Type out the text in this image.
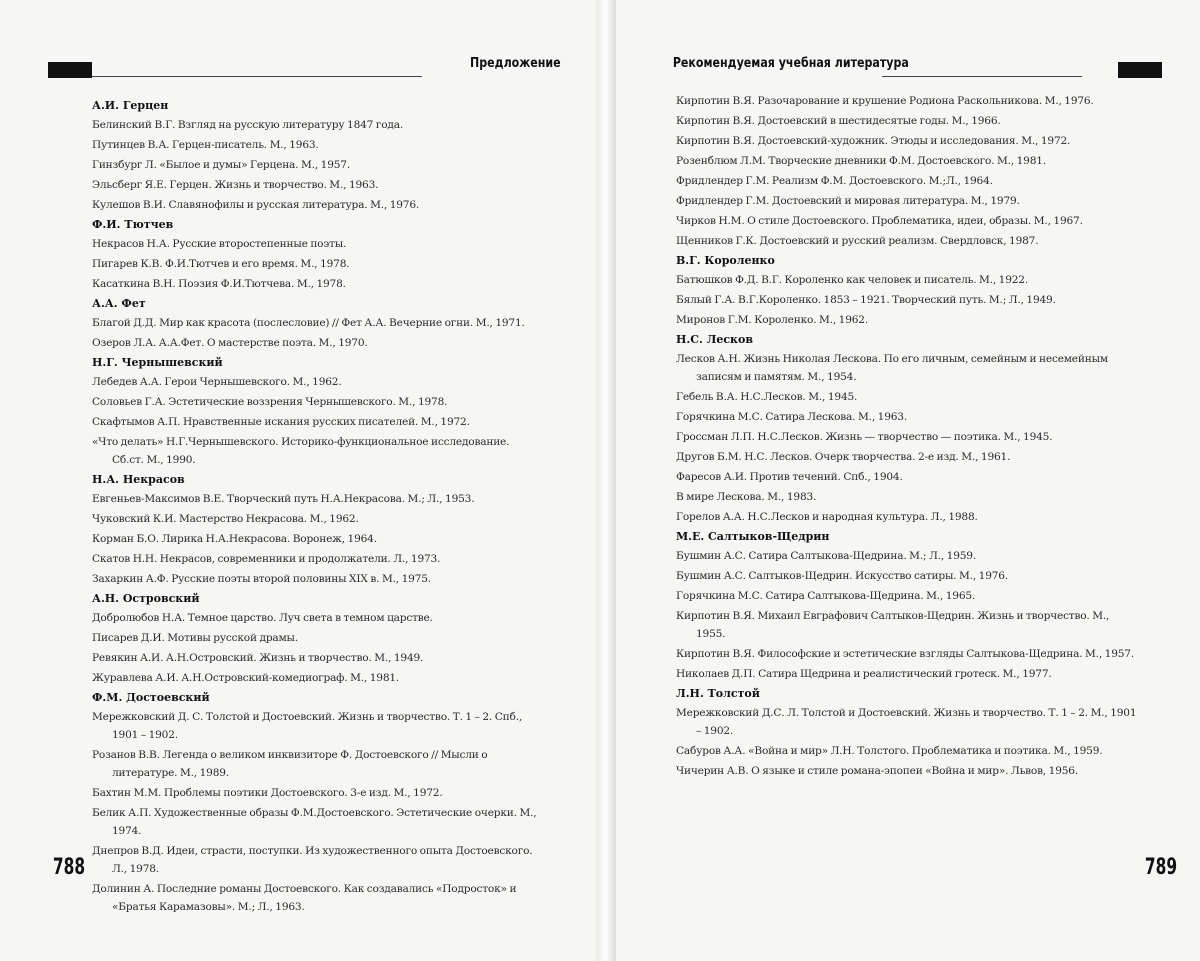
Предложение
А.И. Герцен
Белинский В.Г. Взгляд на русскую литературу 1847 года.
Путинцев В.А. Герцен-писатель. М., 1963.
Гинзбург Л. «Былое и думы» Герцена. М., 1957.
Эльсберг Я.Е. Герцен. Жизнь и творчество. М., 1963.
Кулешов В.И. Славянофилы и русская литература. М., 1976.
Ф.И. Тютчев
Некрасов Н.А. Русские второстепенные поэты.
Пигарев К.В. Ф.И.Тютчев и его время. М., 1978.
Касаткина В.Н. Поэзия Ф.И.Тютчева. М., 1978.
А.А. Фет
Благой Д.Д. Мир как красота (послесловие) // Фет А.А. Вечерние огни. М., 1971.
Озеров Л.А. А.А.Фет. О мастерстве поэта. М., 1970.
Н.Г. Чернышевский
Лебедев А.А. Герои Чернышевского. М., 1962.
Соловьев Г.А. Эстетические воззрения Чернышевского. М., 1978.
Скафтымов А.П. Нравственные искания русских писателей. М., 1972.
«Что делать» Н.Г.Чернышевского. Историко-функциональное исследование. Сб.ст. М., 1990.
Н.А. Некрасов
Евгеньев-Максимов В.Е. Творческий путь Н.А.Некрасова. М.; Л., 1953.
Чуковский К.И. Мастерство Некрасова. М., 1962.
Корман Б.О. Лирика Н.А.Некрасова. Воронеж, 1964.
Скатов Н.Н. Некрасов, современники и продолжатели. Л., 1973.
Захаркин А.Ф. Русские поэты второй половины XIX в. М., 1975.
А.Н. Островский
Добролюбов Н.А. Темное царство. Луч света в темном царстве.
Писарев Д.И. Мотивы русской драмы.
Ревякин А.И. А.Н.Островский. Жизнь и творчество. М., 1949.
Журавлева А.И. А.Н.Островский-комедиограф. М., 1981.
Ф.М. Достоевский
Мережковский Д. С. Толстой и Достоевский. Жизнь и творчество. Т. 1 – 2. Спб., 1901 – 1902.
Розанов В.В. Легенда о великом инквизиторе Ф. Достоевского // Мысли о литературе. М., 1989.
Бахтин М.М. Проблемы поэтики Достоевского. 3-е изд. М., 1972.
Белик А.П. Художественные образы Ф.М.Достоевского. Эстетические очерки. М., 1974.
Днепров В.Д. Идеи, страсти, поступки. Из художественного опыта Достоевского. Л., 1978.
Долинин А. Последние романы Достоевского. Как создавались «Подросток» и «Братья Карамазовы». М.; Л., 1963.
788
Рекомендуемая учебная литература
Кирпотин В.Я. Разочарование и крушение Родиона Раскольникова. М., 1976.
Кирпотин В.Я. Достоевский в шестидесятые годы. М., 1966.
Кирпотин В.Я. Достоевский-художник. Этюды и исследования. М., 1972.
Розенблюм Л.М. Творческие дневники Ф.М. Достоевского. М., 1981.
Фридлендер Г.М. Реализм Ф.М. Достоевского. М.;Л., 1964.
Фридлендер Г.М. Достоевский и мировая литература. М., 1979.
Чирков Н.М. О стиле Достоевского. Проблематика, идеи, образы. М., 1967.
Щенников Г.К. Достоевский и русский реализм. Свердловск, 1987.
В.Г. Короленко
Батюшков Ф.Д. В.Г. Короленко как человек и писатель. М., 1922.
Бялый Г.А. В.Г.Короленко. 1853 – 1921. Творческий путь. М.; Л., 1949.
Миронов Г.М. Короленко. М., 1962.
Н.С. Лесков
Лесков А.Н. Жизнь Николая Лескова. По его личным, семейным и несемейным записям и памятям. М., 1954.
Гебель В.А. Н.С.Лесков. М., 1945.
Горячкина М.С. Сатира Лескова. М., 1963.
Гроссман Л.П. Н.С.Лесков. Жизнь — творчество — поэтика. М., 1945.
Другов Б.М. Н.С. Лесков. Очерк творчества. 2-е изд. М., 1961.
Фаресов А.И. Против течений. Спб., 1904.
В мире Лескова. М., 1983.
Горелов А.А. Н.С.Лесков и народная культура. Л., 1988.
М.Е. Салтыков-Щедрин
Бушмин А.С. Сатира Салтыкова-Щедрина. М.; Л., 1959.
Бушмин А.С. Салтыков-Щедрин. Искусство сатиры. М., 1976.
Горячкина М.С. Сатира Салтыкова-Щедрина. М., 1965.
Кирпотин В.Я. Михаил Евграфович Салтыков-Щедрин. Жизнь и творчество. М., 1955.
Кирпотин В.Я. Философские и эстетические взгляды Салтыкова-Щедрина. М., 1957.
Николаев Д.П. Сатира Щедрина и реалистический гротеск. М., 1977.
Л.Н. Толстой
Мережковский Д.С. Л. Толстой и Достоевский. Жизнь и творчество. Т. 1 – 2. М., 1901 – 1902.
Сабуров А.А. «Война и мир» Л.Н. Толстого. Проблематика и поэтика. М., 1959.
Чичерин А.В. О языке и стиле романа-эпопеи «Война и мир». Львов, 1956.
789
